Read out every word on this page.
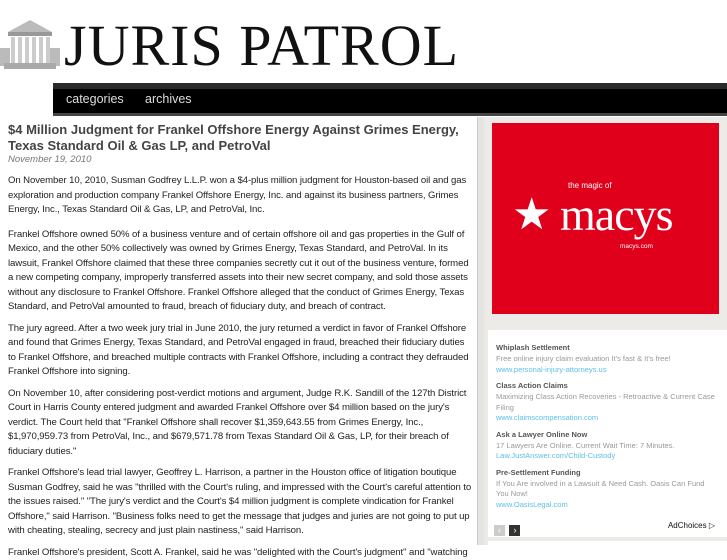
JURIS PATROL
categories archives
$4 Million Judgment for Frankel Offshore Energy Against Grimes Energy, Texas Standard Oil & Gas LP, and PetroVal
November 19, 2010

On November 10, 2010, Susman Godfrey L.L.P. won a $4-plus million judgment for Houston-based oil and gas exploration and production company Frankel Offshore Energy, Inc. and against its business partners, Grimes Energy, Inc., Texas Standard Oil & Gas, LP, and PetroVal, Inc.

Frankel Offshore owned 50% of a business venture and of certain offshore oil and gas properties in the Gulf of Mexico, and the other 50% collectively was owned by Grimes Energy, Texas Standard, and PetroVal. In its lawsuit, Frankel Offshore claimed that these three companies secretly cut it out of the business venture, formed a new competing company, improperly transferred assets into their new secret company, and sold those assets without any disclosure to Frankel Offshore. Frankel Offshore alleged that the conduct of Grimes Energy, Texas Standard, and PetroVal amounted to fraud, breach of fiduciary duty, and breach of contract.

The jury agreed. After a two week jury trial in June 2010, the jury returned a verdict in favor of Frankel Offshore and found that Grimes Energy, Texas Standard, and PetroVal engaged in fraud, breached their fiduciary duties to Frankel Offshore, and breached multiple contracts with Frankel Offshore, including a contract they defrauded Frankel Offshore into signing.

On November 10, after considering post-verdict motions and argument, Judge R.K. Sandill of the 127th District Court in Harris County entered judgment and awarded Frankel Offshore over $4 million based on the jury's verdict. The Court held that "Frankel Offshore shall recover $1,359,643.55 from Grimes Energy, Inc., $1,970,959.73 from PetroVal, Inc., and $679,571.78 from Texas Standard Oil & Gas, LP, for their breach of fiduciary duties."

Frankel Offshore's lead trial lawyer, Geoffrey L. Harrison, a partner in the Houston office of litigation boutique Susman Godfrey, said he was "thrilled with the Court's ruling, and impressed with the Court's careful attention to the issues raised." "The jury's verdict and the Court's $4 million judgment is complete vindication for Frankel Offshore," said Harrison. "Business folks need to get the message that judges and juries are not going to put up with cheating, stealing, secrecy and just plain nastiness," said Harrison.

Frankel Offshore's president, Scott A. Frankel, said he was "delighted with the Court's judgment" and "watching

★
the magic of
macys
macys.com
Whiplash Settlement
Free online injury claim evaluation It's fast & It's free!
www.personal-injury-attorneys.us
Class Action Claims
Maximizing Class Action Recoveries - Retroactive & Current Case Filing
www.claimscompensation.com
Ask a Lawyer Online Now
17 Lawyers Are Online. Current Wait Time: 7 Minutes.
Law.JustAnswer.com/Child-Custody
Pre-Settlement Funding
If You Are involved in a Lawsuit & Need Cash. Oasis Can Fund You Now!
www.OasisLegal.com
‹ ›	AdChoices ▷
